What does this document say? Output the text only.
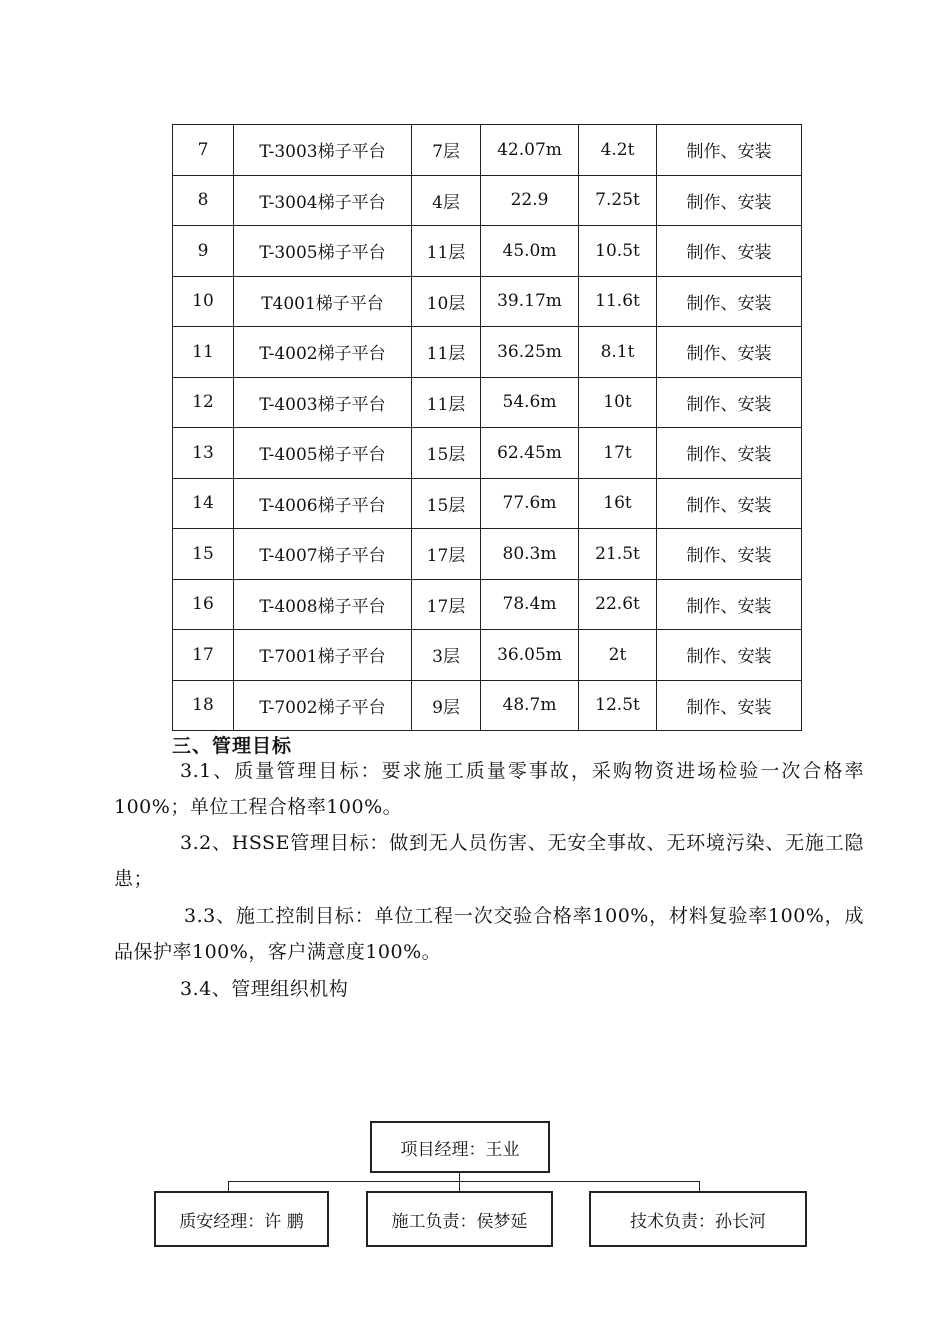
7	T-3003梯子平台	7层	42.07m	4.2t	制作、安装
8	T-3004梯子平台	4层	22.9	7.25t	制作、安装
9	T-3005梯子平台	11层	45.0m	10.5t	制作、安装
10	T4001梯子平台	10层	39.17m	11.6t	制作、安装
11	T-4002梯子平台	11层	36.25m	8.1t	制作、安装
12	T-4003梯子平台	11层	54.6m	10t	制作、安装
13	T-4005梯子平台	15层	62.45m	17t	制作、安装
14	T-4006梯子平台	15层	77.6m	16t	制作、安装
15	T-4007梯子平台	17层	80.3m	21.5t	制作、安装
16	T-4008梯子平台	17层	78.4m	22.6t	制作、安装
17	T-7001梯子平台	3层	36.05m	2t	制作、安装
18	T-7002梯子平台	9层	48.7m	12.5t	制作、安装
三、管理目标
3.1、质量管理目标：要求施工质量零事故，采购物资进场检验一次合格率100%；单位工程合格率100%。
3.2、HSSE管理目标：做到无人员伤害、无安全事故、无环境污染、无施工隐患；
3.3、施工控制目标：单位工程一次交验合格率100%，材料复验率100%，成品保护率100%，客户满意度100%。
3.4、管理组织机构
项目经理：王业
质安经理：许 鹏	施工负责：侯梦延	技术负责：孙长河
